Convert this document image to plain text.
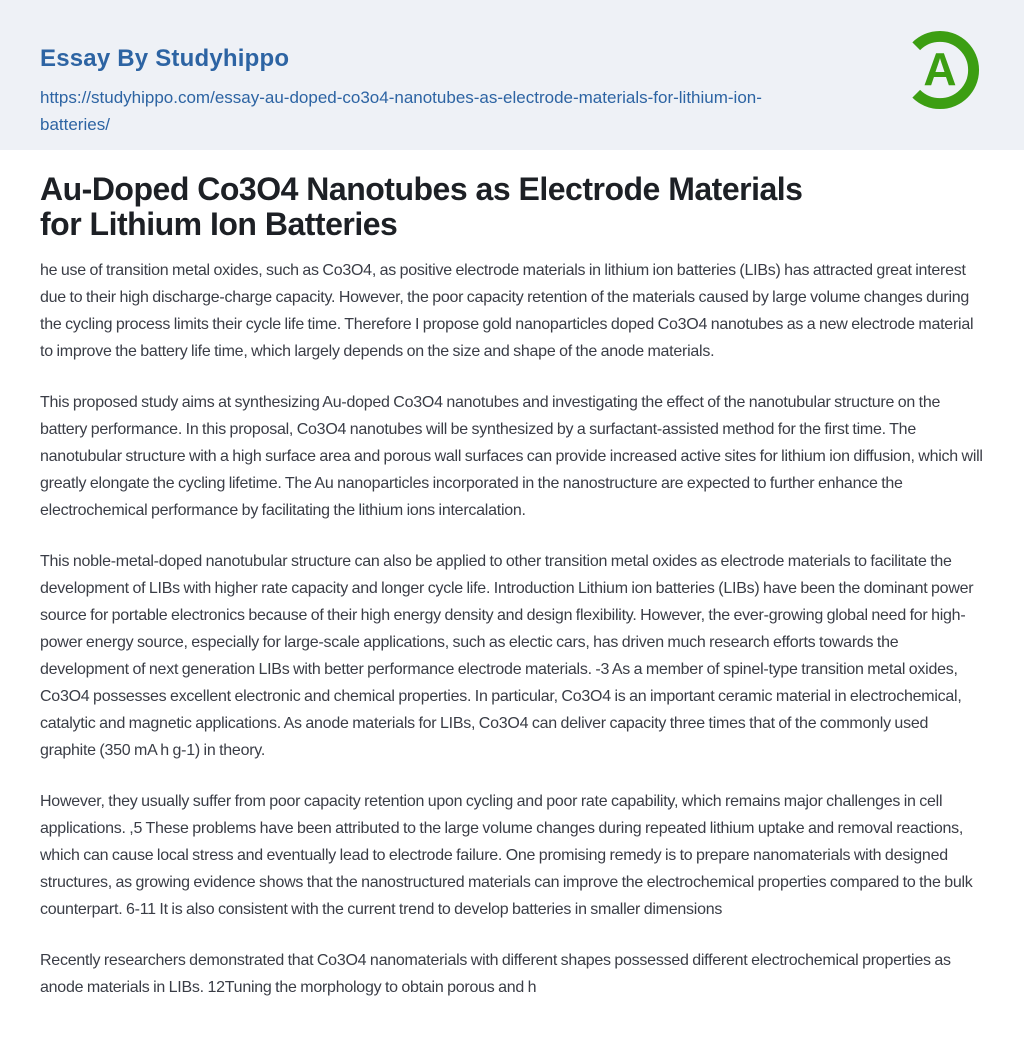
Essay By Studyhippo
https://studyhippo.com/essay-au-doped-co3o4-nanotubes-as-electrode-materials-for-lithium-ion-batteries/
A
Au-Doped Co3O4 Nanotubes as Electrode Materials for Lithium Ion Batteries

he use of transition metal oxides, such as Co3O4, as positive electrode materials in lithium ion batteries (LIBs) has attracted great interest due to their high discharge-charge capacity. However, the poor capacity retention of the materials caused by large volume changes during the cycling process limits their cycle life time. Therefore I propose gold nanoparticles doped Co3O4 nanotubes as a new electrode material to improve the battery life time, which largely depends on the size and shape of the anode materials.

This proposed study aims at synthesizing Au-doped Co3O4 nanotubes and investigating the effect of the nanotubular structure on the battery performance. In this proposal, Co3O4 nanotubes will be synthesized by a surfactant-assisted method for the first time. The nanotubular structure with a high surface area and porous wall surfaces can provide increased active sites for lithium ion diffusion, which will greatly elongate the cycling lifetime. The Au nanoparticles incorporated in the nanostructure are expected to further enhance the electrochemical performance by facilitating the lithium ions intercalation.

This noble-metal-doped nanotubular structure can also be applied to other transition metal oxides as electrode materials to facilitate the development of LIBs with higher rate capacity and longer cycle life. Introduction Lithium ion batteries (LIBs) have been the dominant power source for portable electronics because of their high energy density and design flexibility. However, the ever-growing global need for high-power energy source, especially for large-scale applications, such as electic cars, has driven much research efforts towards the development of next generation LIBs with better performance electrode materials. -3 As a member of spinel-type transition metal oxides, Co3O4 possesses excellent electronic and chemical properties. In particular, Co3O4 is an important ceramic material in electrochemical, catalytic and magnetic applications. As anode materials for LIBs, Co3O4 can deliver capacity three times that of the commonly used graphite (350 mA h g-1) in theory.

However, they usually suffer from poor capacity retention upon cycling and poor rate capability, which remains major challenges in cell applications. ,5 These problems have been attributed to the large volume changes during repeated lithium uptake and removal reactions, which can cause local stress and eventually lead to electrode failure. One promising remedy is to prepare nanomaterials with designed structures, as growing evidence shows that the nanostructured materials can improve the electrochemical properties compared to the bulk counterpart. 6-11 It is also consistent with the current trend to develop batteries in smaller dimensions

Recently researchers demonstrated that Co3O4 nanomaterials with different shapes possessed different electrochemical properties as anode materials in LIBs. 12Tuning the morphology to obtain porous and h
